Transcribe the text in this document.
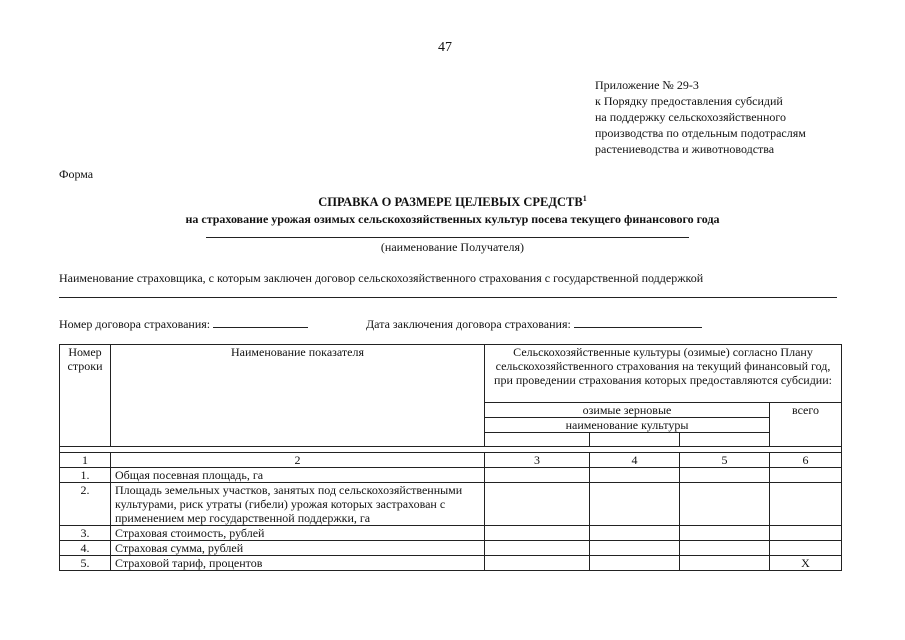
47
Приложение № 29-3
к Порядку предоставления субсидий
на поддержку сельскохозяйственного
производства по отдельным подотраслям
растениеводства и животноводства
Форма
СПРАВКА О РАЗМЕРЕ ЦЕЛЕВЫХ СРЕДСТВ$^1$
на страхование урожая озимых сельскохозяйственных культур посева текущего финансового года
(наименование Получателя)
Наименование страховщика, с которым заключен договор сельскохозяйственного страхования с государственной поддержкой
Номер договора страхования:	Дата заключения договора страхования:
Номер строки	Наименование показателя	Сельскохозяйственные культуры (озимые) согласно Плану сельскохозяйственного страхования на текущий финансовый год, при проведении страхования которых предоставляются субсидии:			
		озимые зерновые			всего
		наименование культуры			

1	2	3	4	5	6
1.	Общая посевная площадь, га				
2.	Площадь земельных участков, занятых под сельскохозяйственными культурами, риск утраты (гибели) урожая которых застрахован с применением мер государственной поддержки, га				
3.	Страховая стоимость, рублей				
4.	Страховая сумма, рублей				
5.	Страховой тариф, процентов				X
